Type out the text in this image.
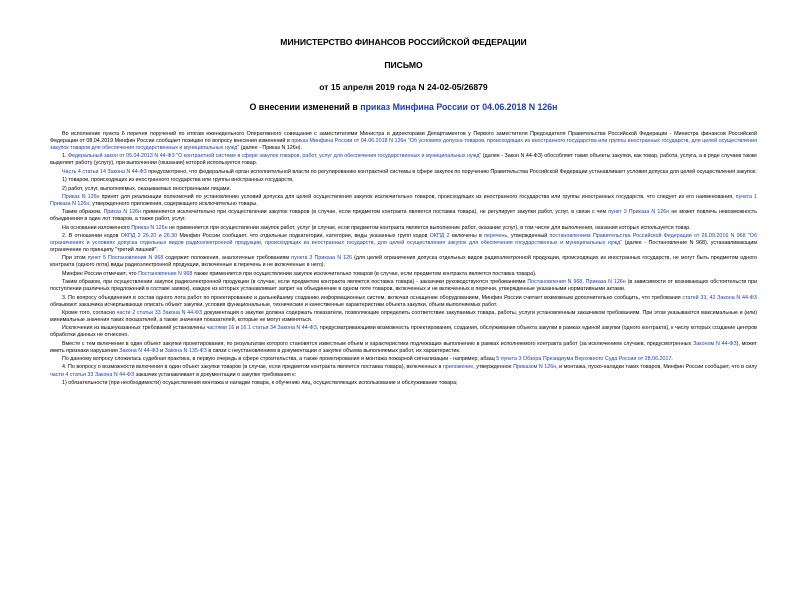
МИНИСТЕРСТВО ФИНАНСОВ РОССИЙСКОЙ ФЕДЕРАЦИИ
ПИСЬМО
от 15 апреля 2019 года N 24-02-05/26879
О внесении изменений в приказ Минфина России от 04.06.2018 N 126н

Во исполнение пункта 6 перечня поручений по итогам еженедельного Оперативного совещания с заместителями Министра и директорами Департаментов у Первого заместителя Председателя Правительства Российской Федерации - Министра финансов Российской Федерации от 08.04.2019 Минфин России сообщает позицию по вопросу внесения изменений в приказ Минфина России от 04.06.2018 N 126н "Об условиях допуска товаров, происходящих из иностранного государства или группы иностранных государств, для целей осуществления закупок товаров для обеспечения государственных и муниципальных нужд" (далее - Приказ N 126н).

1. Федеральный закон от 05.04.2013 N 44-ФЗ "О контрактной системе в сфере закупок товаров, работ, услуг для обеспечения государственных и муниципальных нужд" (далее - Закон N 44-ФЗ) обособляет такие объекты закупки, как товар, работа, услуга, а в ряде случаев также выделяет работу (услугу), при выполнении (оказании) которой используется товар.

Часть 4 статьи 14 Закона N 44-ФЗ предусмотрено, что федеральный орган исполнительной власти по регулированию контрактной системы в сфере закупок по поручению Правительства Российской Федерации устанавливает условия допуска для целей осуществления закупок:

1) товаров, происходящих из иностранного государства или группы иностранных государств,

2) работ, услуг, выполняемых, оказываемых иностранными лицами.

Приказ N 126н принят для реализации полномочий по установлению условий допуска для целей осуществления закупок исключительно товаров, происходящих из иностранного государства или группы иностранных государств, что следует из его наименования, пункта 1 Приказа N 126н, утвержденного приложения, содержащего исключительно товары.

Таким образом, Приказ N 126н применяется исключительно при осуществлении закупок товаров (в случае, если предметом контракта является поставка товара), не регулирует закупки работ, услуг, в связи с чем пункт 3 Приказа N 126н не может повлечь невозможность объединения в один лот товаров, а также работ, услуг.

На основании изложенного Приказ N 126н не применяется при осуществлении закупок работ, услуг (в случае, если предметом контракта является выполнение работ, оказание услуг), в том числе для выполнения, оказания которых используется товар.

2. В отношении кодов ОКПД 2 26.20 и 26.30 Минфин России сообщает, что отдельные подкатегории, категории, виды указанных групп кодов ОКПД 2 включены в перечень, утвержденный постановлением Правительства Российской Федерации от 26.09.2016 N 968 "Об ограничениях и условиях допуска отдельных видов радиоэлектронной продукции, происходящих из иностранных государств, для целей осуществления закупок для обеспечения государственных и муниципальных нужд" (далее - Постановление N 968), устанавливающим ограничение по принципу "третий лишний".

При этом пункт 5 Постановления N 968 содержит положения, аналогичные требованиям пункта 3 Приказа N 126 (для целей ограничения допуска отдельных видов радиоэлектронной продукции, происходящих из иностранных государств, не могут быть предметом одного контракта (одного лота) виды радиоэлектронной продукции, включенные в перечень и не включенные в него).

Минфин России отмечает, что Постановление N 968 также применяется при осуществлении закупок исключительно товаров (в случае, если предметом контракта является поставка товара).

Таким образом, при осуществлении закупок радиоэлектронной продукции (в случае, если предметом контракта является поставка товара) - заказчики руководствуются требованиями Постановления N 968, Приказа N 126н (в зависимости от возникающих обстоятельств при поступлении различных предложений в составе заявок), каждое из которых устанавливает запрет на объединение в одном лоте товаров, включенных и не включенных в перечни, утвержденные указанными нормативными актами.

3. По вопросу объединения в состав одного лота работ по проектированию и дальнейшему созданию информационных систем, включая оснащение оборудованием, Минфин России считает возможным дополнительно сообщить, что требования статей 33, 42 Закона N 44-ФЗ обязывают заказчика исчерпывающе описать объект закупки, условия функциональные, технические и качественные характеристики объекта закупки, объем выполняемых работ.

Кроме того, согласно части 2 статьи 33 Закона N 44-ФЗ документация о закупке должна содержать показатели, позволяющие определить соответствие закупаемых товара, работы, услуги установленным заказчиком требованиям. При этом указываются максимальные и (или) минимальные значения таких показателей, а также значения показателей, которые не могут изменяться.

Исключения из вышеуказанных требований установлены частями 16 и 16.1 статьи 34 Закона N 44-ФЗ, предусматривающими возможность проектирования, создания, обслуживания объекта закупки в рамках единой закупки (одного контракта), к числу которых создание центров обработки данных не отнесено.

Вместе с тем включение в один объект закупки проектирования, по результатам которого становятся известным объем и характеристики подлежащих выполнению в рамках исполняемого контракта работ (за исключением случаев, предусмотренных Законом N 44-ФЗ), может иметь признаки нарушения Закона N 44-ФЗ и Закона N 135-ФЗ в связи с неустановлением в документации о закупке объема выполняемых работ, их характеристик.

По данному вопросу сложилась судебная практика, в первую очередь в сфере строительства, а также проектирования и монтажа пожарной сигнализации - например, абзац 5 пункта 3 Обзора Президиума Верховного Суда России от 28.06.2017.

4. По вопросу о возможности включения в один объект закупки товаров (в случае, если предметом контракта является поставка товара), включенных в приложение, утвержденное Приказом N 126н, и монтажа, пуско-наладки таких товаров, Минфин России сообщает, что в силу части 4 статьи 33 Закона N 44-ФЗ заказчик устанавливает в документации о закупке требования к:

1) обязательности (при необходимости) осуществления монтажа и наладки товара, к обучению лиц, осуществляющих использование и обслуживание товара;
